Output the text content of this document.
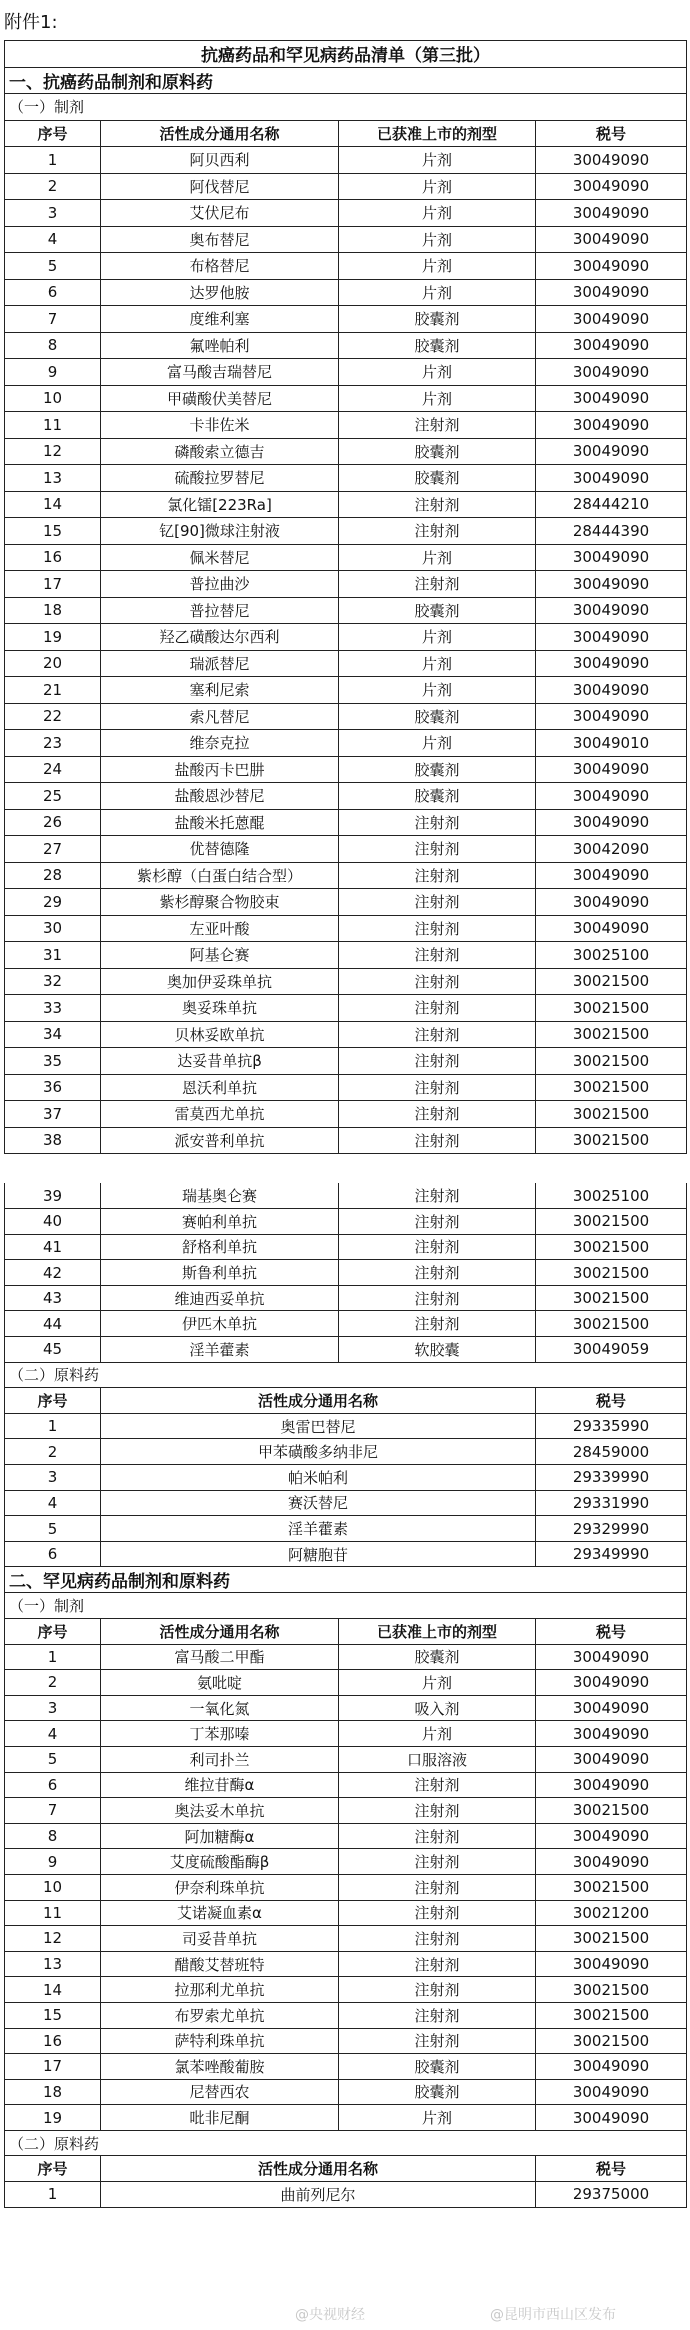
附件1:
抗癌药品和罕见病药品清单（第三批）			
一、抗癌药品制剂和原料药			
（一）制剂			
序号	活性成分通用名称	已获准上市的剂型	税号
1	阿贝西利	片剂	30049090
2	阿伐替尼	片剂	30049090
3	艾伏尼布	片剂	30049090
4	奥布替尼	片剂	30049090
5	布格替尼	片剂	30049090
6	达罗他胺	片剂	30049090
7	度维利塞	胶囊剂	30049090
8	氟唑帕利	胶囊剂	30049090
9	富马酸吉瑞替尼	片剂	30049090
10	甲磺酸伏美替尼	片剂	30049090
11	卡非佐米	注射剂	30049090
12	磷酸索立德吉	胶囊剂	30049090
13	硫酸拉罗替尼	胶囊剂	30049090
14	氯化镭[223Ra]	注射剂	28444210
15	钇[90]微球注射液	注射剂	28444390
16	佩米替尼	片剂	30049090
17	普拉曲沙	注射剂	30049090
18	普拉替尼	胶囊剂	30049090
19	羟乙磺酸达尔西利	片剂	30049090
20	瑞派替尼	片剂	30049090
21	塞利尼索	片剂	30049090
22	索凡替尼	胶囊剂	30049090
23	维奈克拉	片剂	30049010
24	盐酸丙卡巴肼	胶囊剂	30049090
25	盐酸恩沙替尼	胶囊剂	30049090
26	盐酸米托蒽醌	注射剂	30049090
27	优替德隆	注射剂	30042090
28	紫杉醇（白蛋白结合型）	注射剂	30049090
29	紫杉醇聚合物胶束	注射剂	30049090
30	左亚叶酸	注射剂	30049090
31	阿基仑赛	注射剂	30025100
32	奥加伊妥珠单抗	注射剂	30021500
33	奥妥珠单抗	注射剂	30021500
34	贝林妥欧单抗	注射剂	30021500
35	达妥昔单抗β	注射剂	30021500
36	恩沃利单抗	注射剂	30021500
37	雷莫西尤单抗	注射剂	30021500
38	派安普利单抗	注射剂	30021500
39	瑞基奥仑赛	注射剂	30025100
40	赛帕利单抗	注射剂	30021500
41	舒格利单抗	注射剂	30021500
42	斯鲁利单抗	注射剂	30021500
43	维迪西妥单抗	注射剂	30021500
44	伊匹木单抗	注射剂	30021500
45	淫羊藿素	软胶囊	30049059
（二）原料药			
序号	活性成分通用名称		税号
1	奥雷巴替尼		29335990
2	甲苯磺酸多纳非尼		28459000
3	帕米帕利		29339990
4	赛沃替尼		29331990
5	淫羊藿素		29329990
6	阿糖胞苷		29349990
二、罕见病药品制剂和原料药			
（一）制剂			
序号	活性成分通用名称	已获准上市的剂型	税号
1	富马酸二甲酯	胶囊剂	30049090
2	氨吡啶	片剂	30049090
3	一氧化氮	吸入剂	30049090
4	丁苯那嗪	片剂	30049090
5	利司扑兰	口服溶液	30049090
6	维拉苷酶α	注射剂	30049090
7	奥法妥木单抗	注射剂	30021500
8	阿加糖酶α	注射剂	30049090
9	艾度硫酸酯酶β	注射剂	30049090
10	伊奈利珠单抗	注射剂	30021500
11	艾诺凝血素α	注射剂	30021200
12	司妥昔单抗	注射剂	30021500
13	醋酸艾替班特	注射剂	30049090
14	拉那利尤单抗	注射剂	30021500
15	布罗索尤单抗	注射剂	30021500
16	萨特利珠单抗	注射剂	30021500
17	氯苯唑酸葡胺	胶囊剂	30049090
18	尼替西农	胶囊剂	30049090
19	吡非尼酮	片剂	30049090
（二）原料药			
序号	活性成分通用名称		税号
1	曲前列尼尔		29375000
@央视财经	@昆明市西山区发布
